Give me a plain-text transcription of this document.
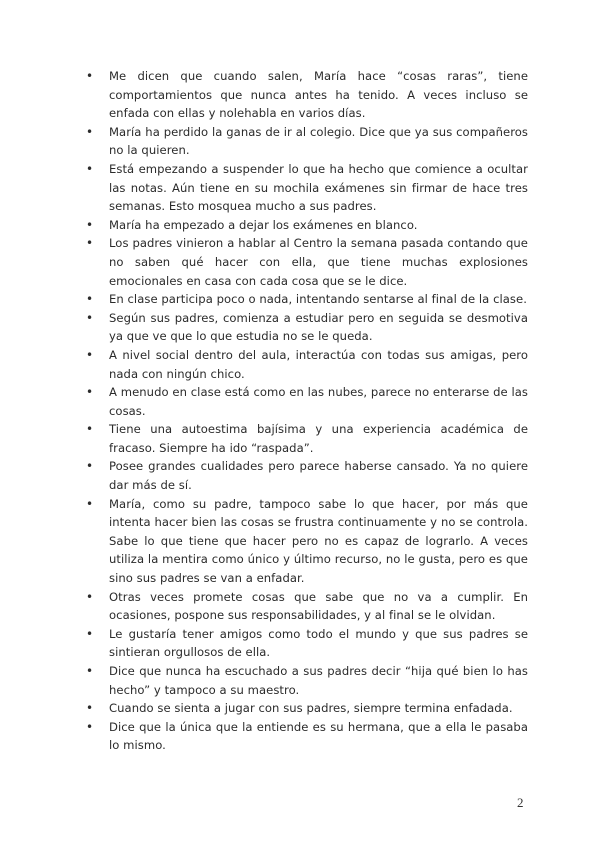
• Me dicen que cuando salen, María hace “cosas raras”, tiene comportamientos que nunca antes ha tenido. A veces incluso se enfada con ellas y nolehabla en varios días.
• María ha perdido la ganas de ir al colegio. Dice que ya sus compañeros no la quieren.
• Está empezando a suspender lo que ha hecho que comience a ocultar las notas. Aún tiene en su mochila exámenes sin firmar de hace tres semanas. Esto mosquea mucho a sus padres.
• María ha empezado a dejar los exámenes en blanco.
• Los padres vinieron a hablar al Centro la semana pasada contando que no saben qué hacer con ella, que tiene muchas explosiones emocionales en casa con cada cosa que se le dice.
• En clase participa poco o nada, intentando sentarse al final de la clase.
• Según sus padres, comienza a estudiar pero en seguida se desmotiva ya que ve que lo que estudia no se le queda.
• A nivel social dentro del aula, interactúa con todas sus amigas, pero nada con ningún chico.
• A menudo en clase está como en las nubes, parece no enterarse de las cosas.
• Tiene una autoestima bajísima y una experiencia académica de fracaso. Siempre ha ido “raspada”.
• Posee grandes cualidades pero parece haberse cansado. Ya no quiere dar más de sí.
• María, como su padre, tampoco sabe lo que hacer, por más que intenta hacer bien las cosas se frustra continuamente y no se controla. Sabe lo que tiene que hacer pero no es capaz de lograrlo. A veces utiliza la mentira como único y último recurso, no le gusta, pero es que sino sus padres se van a enfadar.
• Otras veces promete cosas que sabe que no va a cumplir. En ocasiones, pospone sus responsabilidades, y al final se le olvidan.
• Le gustaría tener amigos como todo el mundo y que sus padres se sintieran orgullosos de ella.
• Dice que nunca ha escuchado a sus padres decir “hija qué bien lo has hecho” y tampoco a su maestro.
• Cuando se sienta a jugar con sus padres, siempre termina enfadada.
• Dice que la única que la entiende es su hermana, que a ella le pasaba lo mismo.
2
